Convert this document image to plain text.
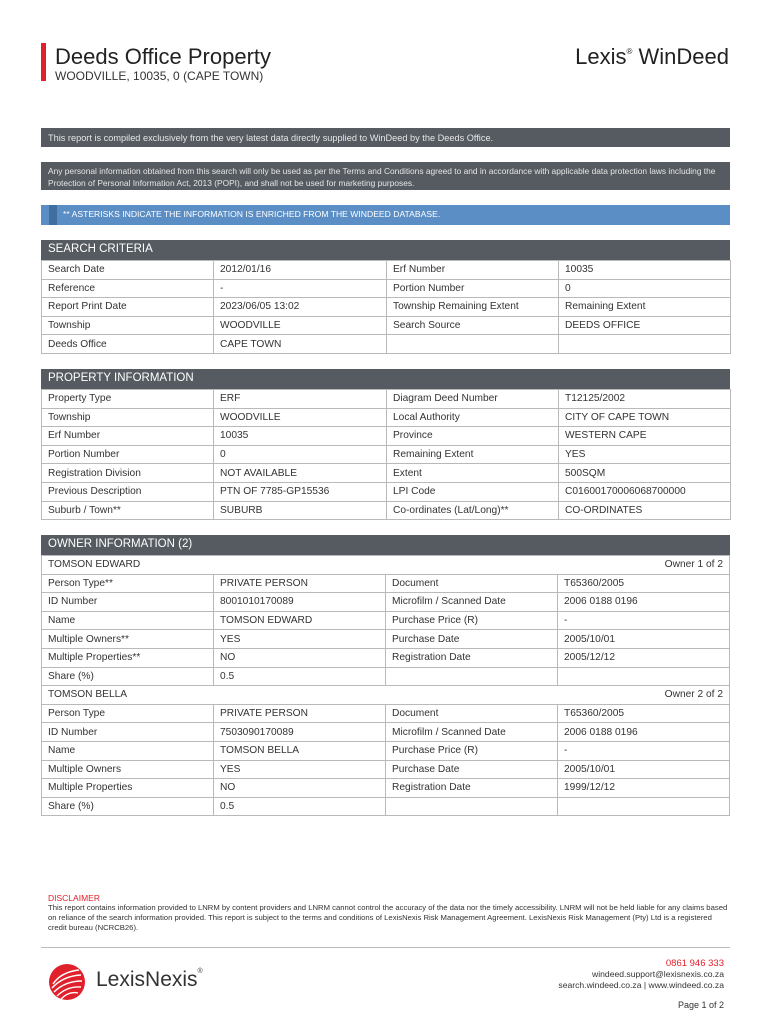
Deeds Office Property
WOODVILLE, 10035, 0 (CAPE TOWN)
Lexis® WinDeed
This report is compiled exclusively from the very latest data directly supplied to WinDeed by the Deeds Office.
Any personal information obtained from this search will only be used as per the Terms and Conditions agreed to and in accordance with applicable data protection laws including the Protection of Personal Information Act, 2013 (POPI), and shall not be used for marketing purposes.
** ASTERISKS INDICATE THE INFORMATION IS ENRICHED FROM THE WINDEED DATABASE.
SEARCH CRITERIA
Search Date	2012/01/16	Erf Number	10035
Reference	-	Portion Number	0
Report Print Date	2023/06/05 13:02	Township Remaining Extent	Remaining Extent
Township	WOODVILLE	Search Source	DEEDS OFFICE
Deeds Office	CAPE TOWN		
PROPERTY INFORMATION
Property Type	ERF	Diagram Deed Number	T12125/2002
Township	WOODVILLE	Local Authority	CITY OF CAPE TOWN
Erf Number	10035	Province	WESTERN CAPE
Portion Number	0	Remaining Extent	YES
Registration Division	NOT AVAILABLE	Extent	500SQM
Previous Description	PTN OF 7785-GP15536	LPI Code	C01600170006068700000
Suburb / Town**	SUBURB	Co-ordinates (Lat/Long)**	CO-ORDINATES
OWNER INFORMATION (2)
TOMSON EDWARD Owner 1 of 2			

Person Type**	PRIVATE PERSON	Document	T65360/2005
ID Number	8001010170089	Microfilm / Scanned Date	2006 0188 0196
Name	TOMSON EDWARD	Purchase Price (R)	-
Multiple Owners**	YES	Purchase Date	2005/10/01
Multiple Properties**	NO	Registration Date	2005/12/12
Share (%)	0.5		

TOMSON BELLA Owner 2 of 2			

Person Type	PRIVATE PERSON	Document	T65360/2005
ID Number	7503090170089	Microfilm / Scanned Date	2006 0188 0196
Name	TOMSON BELLA	Purchase Price (R)	-
Multiple Owners	YES	Purchase Date	2005/10/01
Multiple Properties	NO	Registration Date	1999/12/12
Share (%)	0.5		
DISCLAIMER
This report contains information provided to LNRM by content providers and LNRM cannot control the accuracy of the data nor the timely accessibility. LNRM will not be held liable for any claims based on reliance of the search information provided. This report is subject to the terms and conditions of LexisNexis Risk Management Agreement. LexisNexis Risk Management (Pty) Ltd is a registered credit bureau (NCRCB26).
LexisNexis®
0861 946 333
windeed.support@lexisnexis.co.za
search.windeed.co.za | www.windeed.co.za
Page 1 of 2
